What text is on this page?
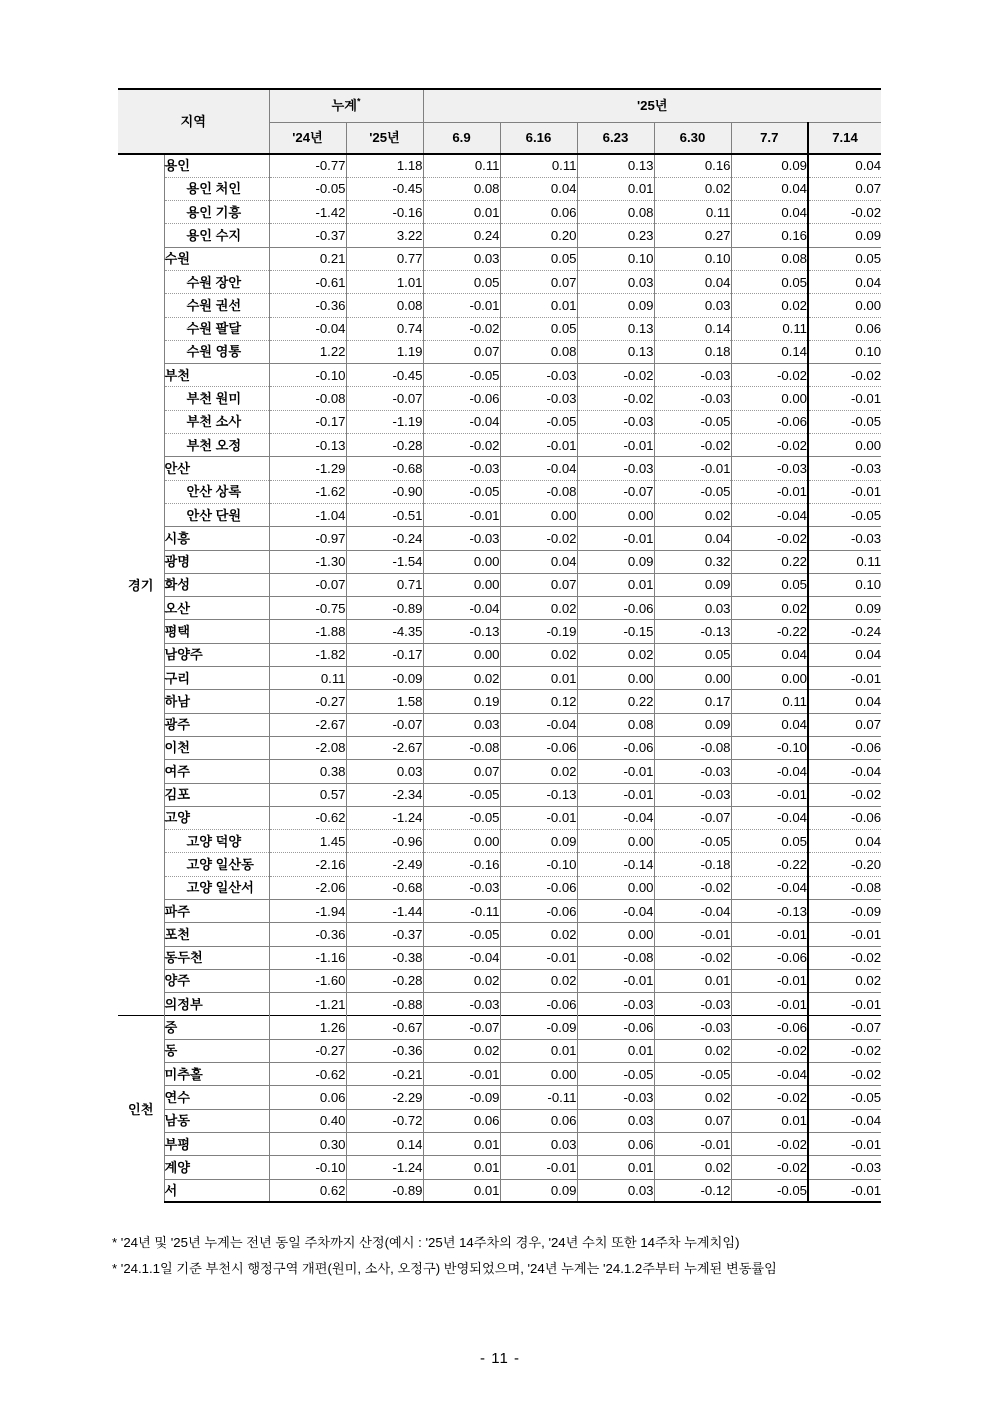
지역		누계*		'25년					
		'24년	'25년	6.9	6.16	6.23	6.30	7.7	7.14
경기	용인	-0.77	1.18	0.11	0.11	0.13	0.16	0.09	0.04
	용인 처인	-0.05	-0.45	0.08	0.04	0.01	0.02	0.04	0.07
	용인 기흥	-1.42	-0.16	0.01	0.06	0.08	0.11	0.04	-0.02
	용인 수지	-0.37	3.22	0.24	0.20	0.23	0.27	0.16	0.09
	수원	0.21	0.77	0.03	0.05	0.10	0.10	0.08	0.05
	수원 장안	-0.61	1.01	0.05	0.07	0.03	0.04	0.05	0.04
	수원 권선	-0.36	0.08	-0.01	0.01	0.09	0.03	0.02	0.00
	수원 팔달	-0.04	0.74	-0.02	0.05	0.13	0.14	0.11	0.06
	수원 영통	1.22	1.19	0.07	0.08	0.13	0.18	0.14	0.10
	부천	-0.10	-0.45	-0.05	-0.03	-0.02	-0.03	-0.02	-0.02
	부천 원미	-0.08	-0.07	-0.06	-0.03	-0.02	-0.03	0.00	-0.01
	부천 소사	-0.17	-1.19	-0.04	-0.05	-0.03	-0.05	-0.06	-0.05
	부천 오정	-0.13	-0.28	-0.02	-0.01	-0.01	-0.02	-0.02	0.00
	안산	-1.29	-0.68	-0.03	-0.04	-0.03	-0.01	-0.03	-0.03
	안산 상록	-1.62	-0.90	-0.05	-0.08	-0.07	-0.05	-0.01	-0.01
	안산 단원	-1.04	-0.51	-0.01	0.00	0.00	0.02	-0.04	-0.05
	시흥	-0.97	-0.24	-0.03	-0.02	-0.01	0.04	-0.02	-0.03
	광명	-1.30	-1.54	0.00	0.04	0.09	0.32	0.22	0.11
	화성	-0.07	0.71	0.00	0.07	0.01	0.09	0.05	0.10
	오산	-0.75	-0.89	-0.04	0.02	-0.06	0.03	0.02	0.09
	평택	-1.88	-4.35	-0.13	-0.19	-0.15	-0.13	-0.22	-0.24
	남양주	-1.82	-0.17	0.00	0.02	0.02	0.05	0.04	0.04
	구리	0.11	-0.09	0.02	0.01	0.00	0.00	0.00	-0.01
	하남	-0.27	1.58	0.19	0.12	0.22	0.17	0.11	0.04
	광주	-2.67	-0.07	0.03	-0.04	0.08	0.09	0.04	0.07
	이천	-2.08	-2.67	-0.08	-0.06	-0.06	-0.08	-0.10	-0.06
	여주	0.38	0.03	0.07	0.02	-0.01	-0.03	-0.04	-0.04
	김포	0.57	-2.34	-0.05	-0.13	-0.01	-0.03	-0.01	-0.02
	고양	-0.62	-1.24	-0.05	-0.01	-0.04	-0.07	-0.04	-0.06
	고양 덕양	1.45	-0.96	0.00	0.09	0.00	-0.05	0.05	0.04
	고양 일산동	-2.16	-2.49	-0.16	-0.10	-0.14	-0.18	-0.22	-0.20
	고양 일산서	-2.06	-0.68	-0.03	-0.06	0.00	-0.02	-0.04	-0.08
	파주	-1.94	-1.44	-0.11	-0.06	-0.04	-0.04	-0.13	-0.09
	포천	-0.36	-0.37	-0.05	0.02	0.00	-0.01	-0.01	-0.01
	동두천	-1.16	-0.38	-0.04	-0.01	-0.08	-0.02	-0.06	-0.02
	양주	-1.60	-0.28	0.02	0.02	-0.01	0.01	-0.01	0.02
	의정부	-1.21	-0.88	-0.03	-0.06	-0.03	-0.03	-0.01	-0.01
인천	중	1.26	-0.67	-0.07	-0.09	-0.06	-0.03	-0.06	-0.07
	동	-0.27	-0.36	0.02	0.01	0.01	0.02	-0.02	-0.02
	미추홀	-0.62	-0.21	-0.01	0.00	-0.05	-0.05	-0.04	-0.02
	연수	0.06	-2.29	-0.09	-0.11	-0.03	0.02	-0.02	-0.05
	남동	0.40	-0.72	0.06	0.06	0.03	0.07	0.01	-0.04
	부평	0.30	0.14	0.01	0.03	0.06	-0.01	-0.02	-0.01
	계양	-0.10	-1.24	0.01	-0.01	0.01	0.02	-0.02	-0.03
	서	0.62	-0.89	0.01	0.09	0.03	-0.12	-0.05	-0.01
* '24년 및 '25년 누계는 전년 동일 주차까지 산정(예시 : '25년 14주차의 경우, '24년 수치 또한 14주차 누계치임)
* '24.1.1일 기준 부천시 행정구역 개편(원미, 소사, 오정구) 반영되었으며, '24년 누계는 '24.1.2주부터 누계된 변동률임
- 11 -
